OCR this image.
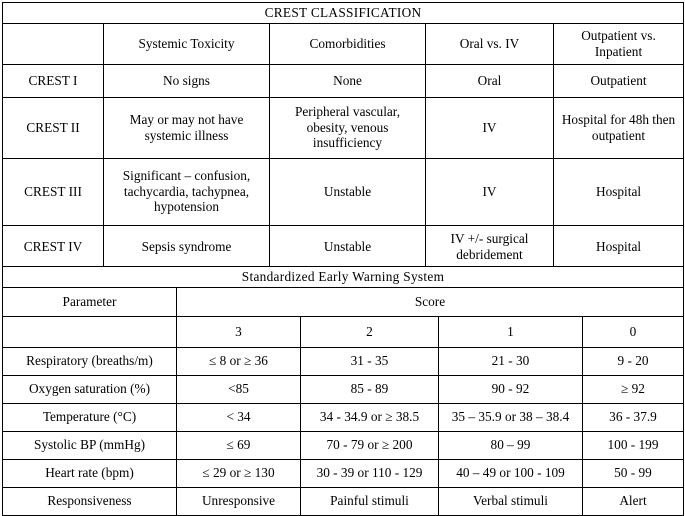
CREST CLASSIFICATION				
	Systemic Toxicity	Comorbidities	Oral vs. IV	Outpatient vs. Inpatient
CREST I	No signs	None	Oral	Outpatient
CREST II	May or may not have systemic illness	Peripheral vascular, obesity, venous insufficiency	IV	Hospital for 48h then outpatient
CREST III	Significant – confusion, tachycardia, tachypnea, hypotension	Unstable	IV	Hospital
CREST IV	Sepsis syndrome	Unstable	IV +/- surgical debridement	Hospital
Standardized Early Warning System				
Parameter	Score			
	3	2	1	0
Respiratory (breaths/m)	≤ 8 or ≥ 36	31 - 35	21 - 30	9 - 20
Oxygen saturation (%)	<85	85 - 89	90 - 92	≥ 92
Temperature (°C)	< 34	34 - 34.9 or ≥ 38.5	35 – 35.9 or 38 – 38.4	36 - 37.9
Systolic BP (mmHg)	≤ 69	70 - 79 or ≥ 200	80 – 99	100 - 199
Heart rate (bpm)	≤ 29 or ≥ 130	30 - 39 or 110 - 129	40 – 49 or 100 - 109	50 - 99
Responsiveness	Unresponsive	Painful stimuli	Verbal stimuli	Alert
